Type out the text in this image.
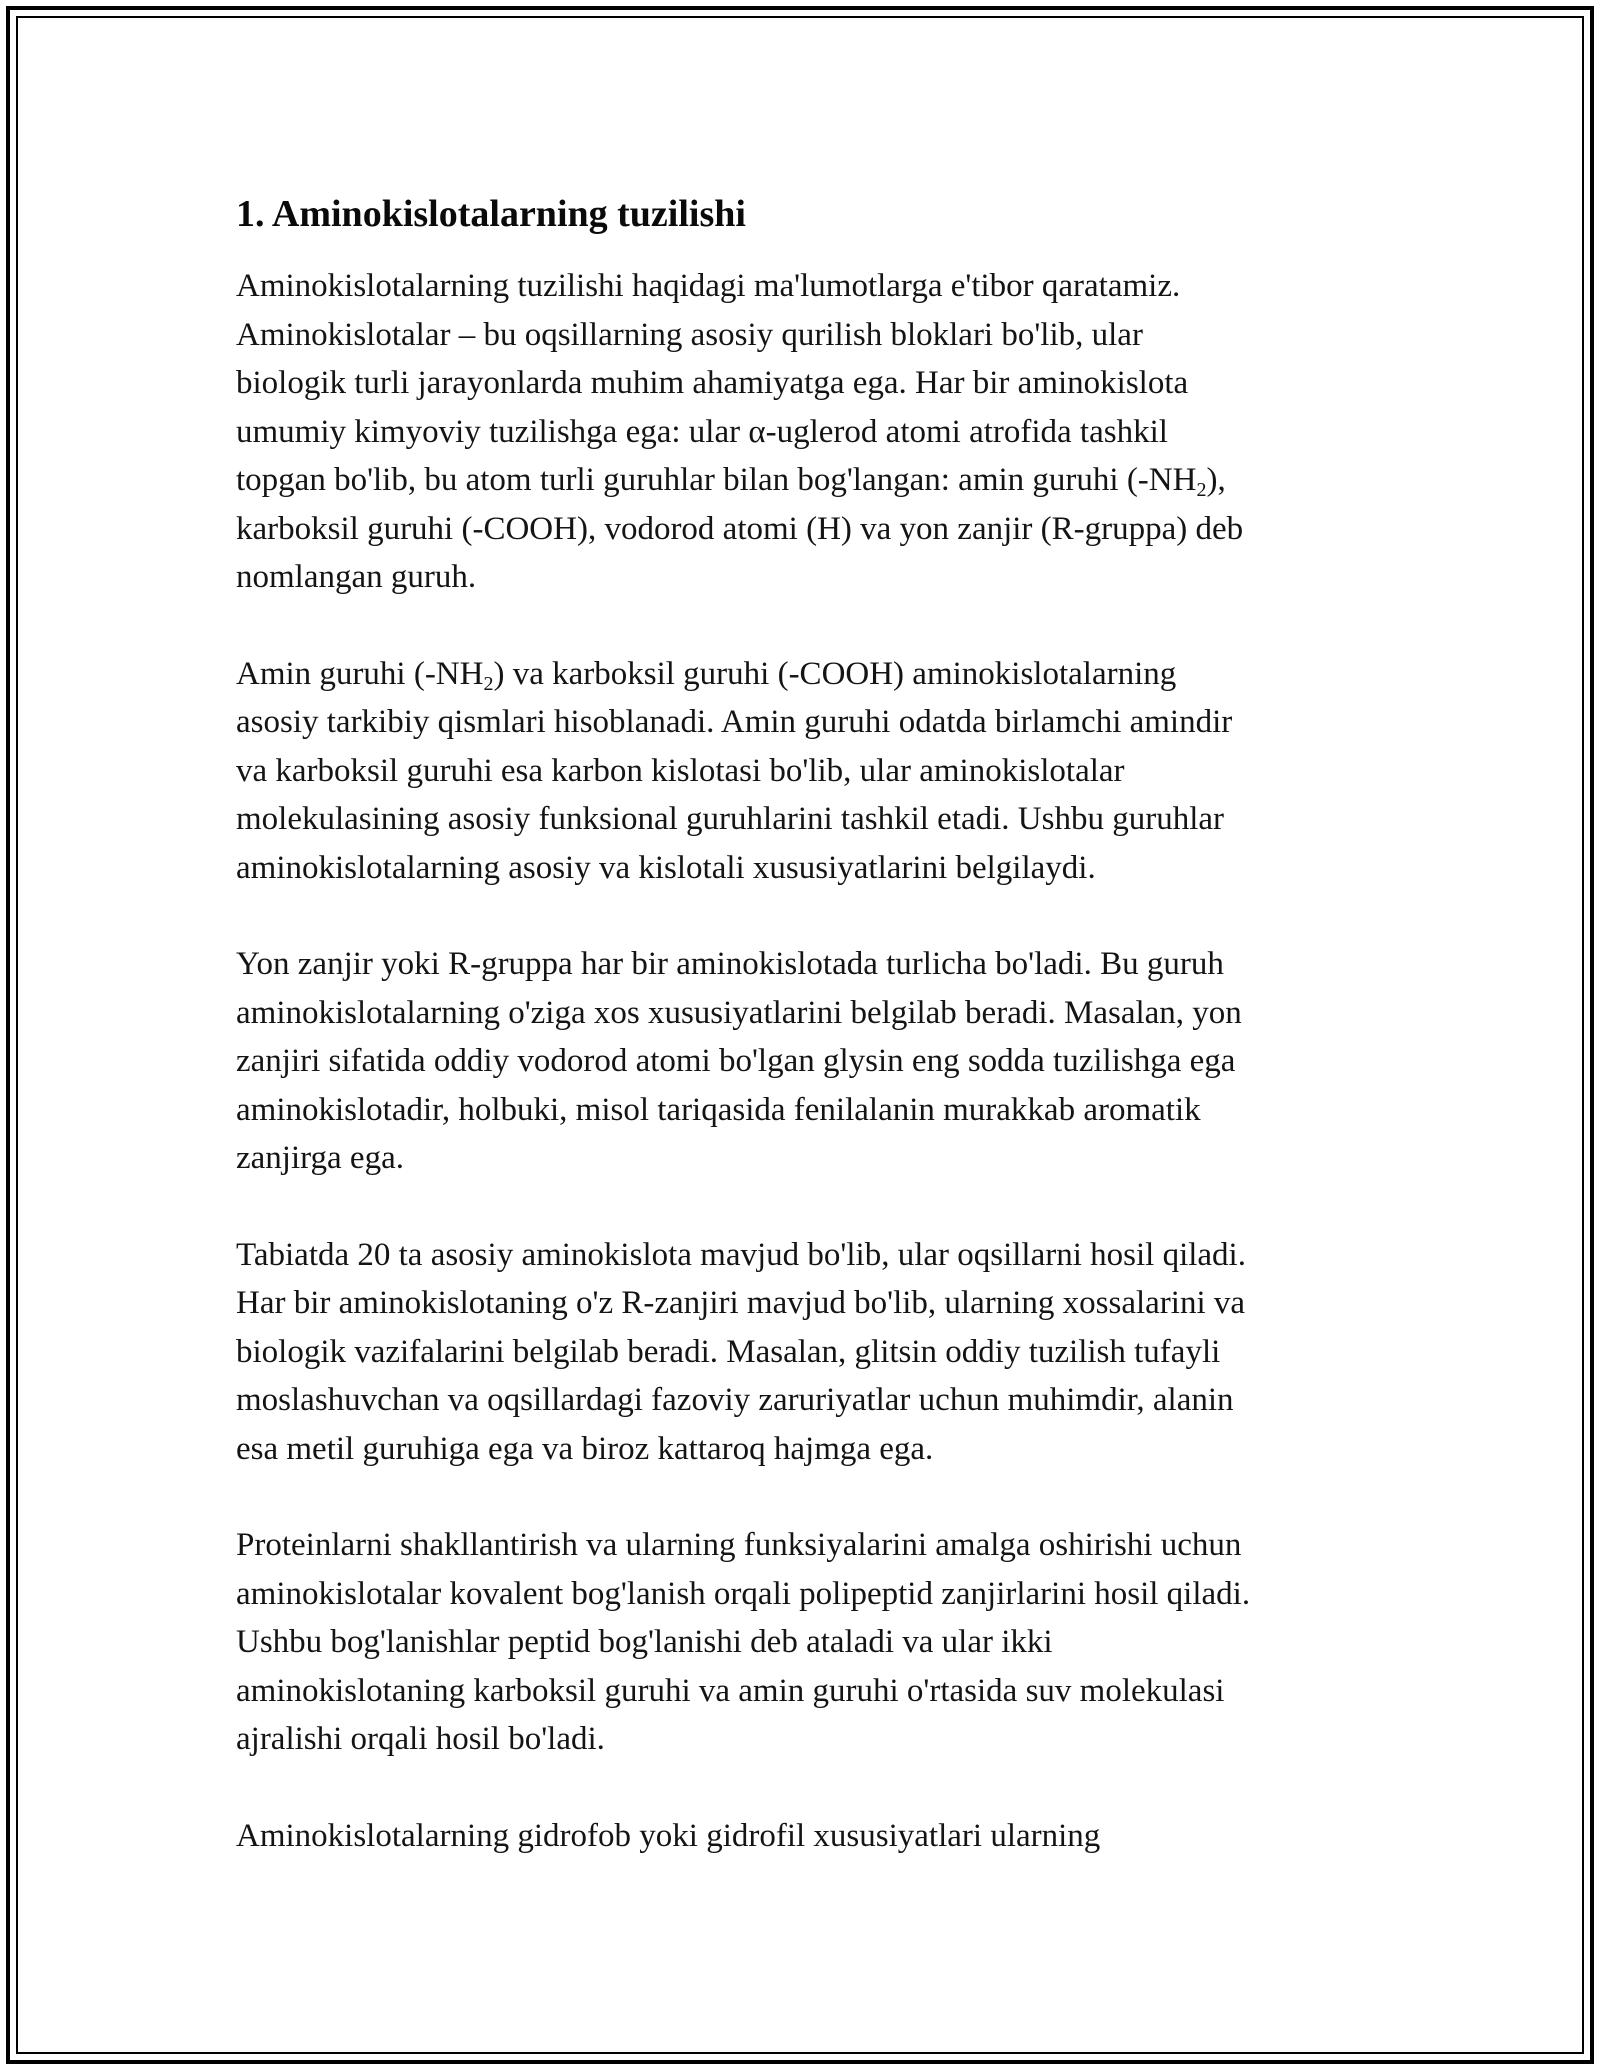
1. Aminokislotalarning tuzilishi

Aminokislotalarning tuzilishi haqidagi ma'lumotlarga e'tibor qaratamiz.
Aminokislotalar – bu oqsillarning asosiy qurilish bloklari bo'lib, ular
biologik turli jarayonlarda muhim ahamiyatga ega. Har bir aminokislota
umumiy kimyoviy tuzilishga ega: ular α-uglerod atomi atrofida tashkil
topgan bo'lib, bu atom turli guruhlar bilan bog'langan: amin guruhi $(-NH_2)$,
karboksil guruhi (-COOH), vodorod atomi (H) va yon zanjir (R-gruppa) deb
nomlangan guruh.

Amin guruhi $(-NH_2)$ va karboksil guruhi (-COOH) aminokislotalarning
asosiy tarkibiy qismlari hisoblanadi. Amin guruhi odatda birlamchi amindir
va karboksil guruhi esa karbon kislotasi bo'lib, ular aminokislotalar
molekulasining asosiy funksional guruhlarini tashkil etadi. Ushbu guruhlar
aminokislotalarning asosiy va kislotali xususiyatlarini belgilaydi.

Yon zanjir yoki R-gruppa har bir aminokislotada turlicha bo'ladi. Bu guruh
aminokislotalarning o'ziga xos xususiyatlarini belgilab beradi. Masalan, yon
zanjiri sifatida oddiy vodorod atomi bo'lgan glysin eng sodda tuzilishga ega
aminokislotadir, holbuki, misol tariqasida fenilalanin murakkab aromatik
zanjirga ega.

Tabiatda 20 ta asosiy aminokislota mavjud bo'lib, ular oqsillarni hosil qiladi.
Har bir aminokislotaning o'z R-zanjiri mavjud bo'lib, ularning xossalarini va
biologik vazifalarini belgilab beradi. Masalan, glitsin oddiy tuzilish tufayli
moslashuvchan va oqsillardagi fazoviy zaruriyatlar uchun muhimdir, alanin
esa metil guruhiga ega va biroz kattaroq hajmga ega.

Proteinlarni shakllantirish va ularning funksiyalarini amalga oshirishi uchun
aminokislotalar kovalent bog'lanish orqali polipeptid zanjirlarini hosil qiladi.
Ushbu bog'lanishlar peptid bog'lanishi deb ataladi va ular ikki
aminokislotaning karboksil guruhi va amin guruhi o'rtasida suv molekulasi
ajralishi orqali hosil bo'ladi.

Aminokislotalarning gidrofob yoki gidrofil xususiyatlari ularning
